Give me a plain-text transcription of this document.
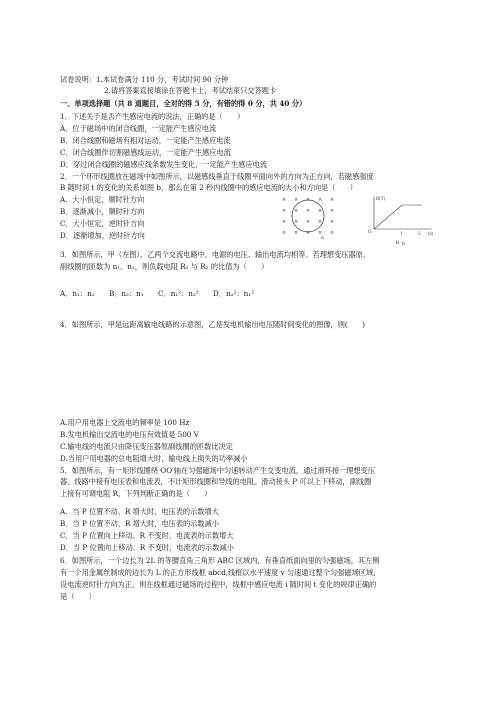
试卷说明：1.本试卷满分 110 分，考试时间 90 分钟
2.请将答案直接填涂在答题卡上，考试结束只交答题卡
一、单项选择题（共 8 道题目，全对的得 5 分，有错的得 0 分，共 40 分）
1．下述关于是否产生感应电流的说法，正确的是（　　）
A．位于磁场中的闭合线圈，一定能产生感应电流
B．闭合线圈和磁场有相对运动，一定能产生感应电流
C．闭合线圈作切割磁感线运动，一定能产生感应电流
D．穿过闭合线圈的磁感应线条数发生变化，一定能产生感应电流
2．一个环形线圈放在磁场中如图所示，以磁感线垂直于线圈平面向外的方向为正方向，若磁感强度
B 随时间 t 的变化的关系如图 b，那么在第 2 秒内线圈中的感应电流的大小和方向是（　　）
A．大小恒定，顺时针方向
B．逐渐减小，顺时针方向
C．大小恒定，逆时针方向
D．逐渐增加，逆时针方向
× × × × ×
× × × × ×
× × × × ×
× × × × ×
a
B(T)
O	1	2 t/s
b
b
3．如图所示，甲（左图）、乙两个交流电路中，电源的电压、输出电流均相等。若理想变压器原、
副线圈的匝数为 n₁、n₂，则负载电阻 R₁ 与 R₂ 的比值为（　　）
A．n₁：n₂　　B．n₂：n₁　　C．n₁²：n₂²　　D．n₂²：n₁²
4．如图所示，甲是远距离输电线路的示意图，乙是发电机输出电压随时间变化的图像，则(　　)
A.用户用电器上交流电的频率是 100 Hz
B.发电机输出交流电的电压有效值是 500 V
C.输电线的电流只由降压变压器原副线圈的匝数比决定
D.当用户用电器的总电阻增大时，输电线上损失的功率减小
5．如图所示，有一矩形线圈绕 OO′轴在匀强磁场中匀速转动产生交变电流，通过滑环接一理想变压
器，线路中接有电压表和电流表，不计矩形线圈和导线的电阻。滑动接头 P 可以上下移动，副线圈
上接有可调电阻 R，下列判断正确的是（　　）
A．当 P 位置不动、R 增大时，电压表的示数增大
B．当 P 位置不动、R 增大时，电压表的示数减小
C．当 P 位置向上移动、R 不变时，电流表的示数增大
D．当 P 位置向上移动、R 不变时，电流表的示数减小
6．如图所示，一个边长为 2L 的等腰直角三角形 ABC 区域内，有垂直纸面向里的匀强磁场，其左侧
有一个用金属丝制成的边长为 L 的正方形线框 abcd,线框以水平速度 v 匀速通过整个匀强磁场区域，
设电流逆时针方向为正。则在线框通过磁场的过程中，线框中感应电流 i 随时间 t 变化的规律正确的
是（　　）
